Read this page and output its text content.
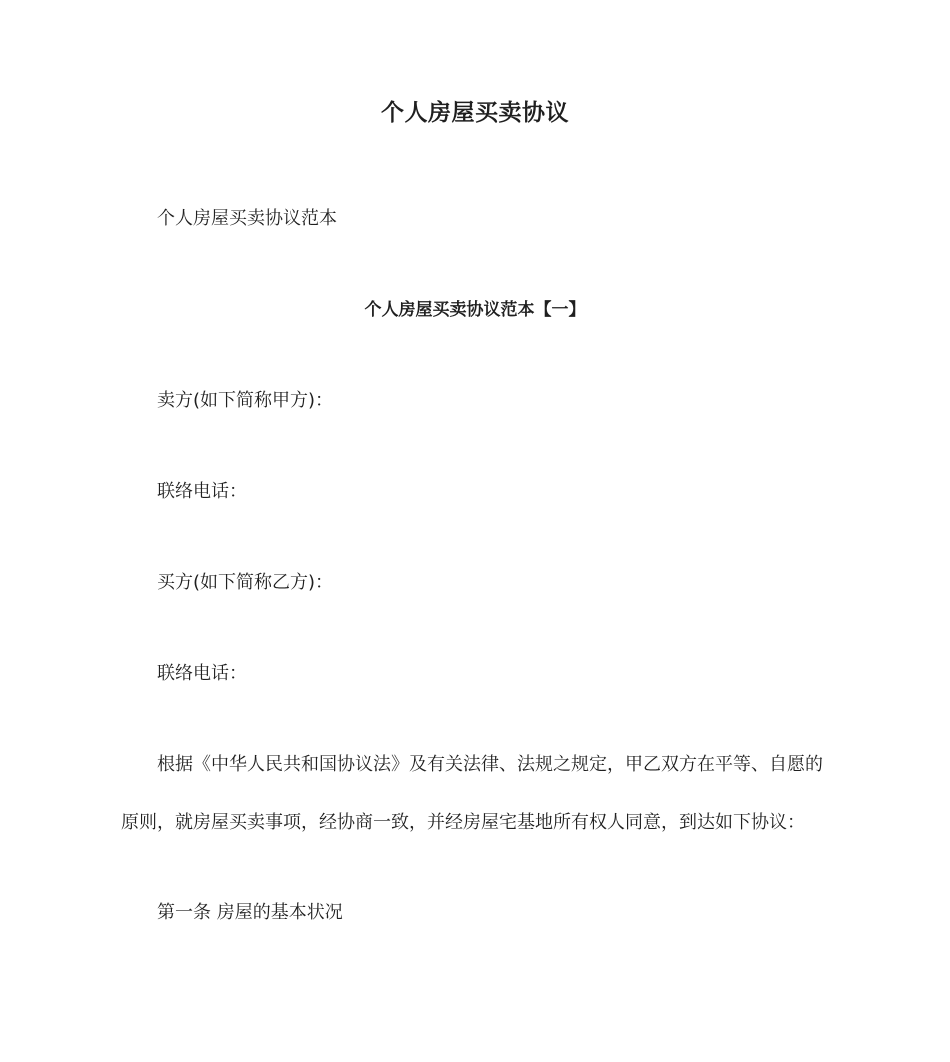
个人房屋买卖协议
个人房屋买卖协议范本
个人房屋买卖协议范本【一】
卖方(如下简称甲方)：
联络电话：
买方(如下简称乙方)：
联络电话：
根据《中华人民共和国协议法》及有关法律、法规之规定，甲乙双方在平等、自愿的
原则，就房屋买卖事项，经协商一致，并经房屋宅基地所有权人同意，到达如下协议：
第一条 房屋的基本状况
